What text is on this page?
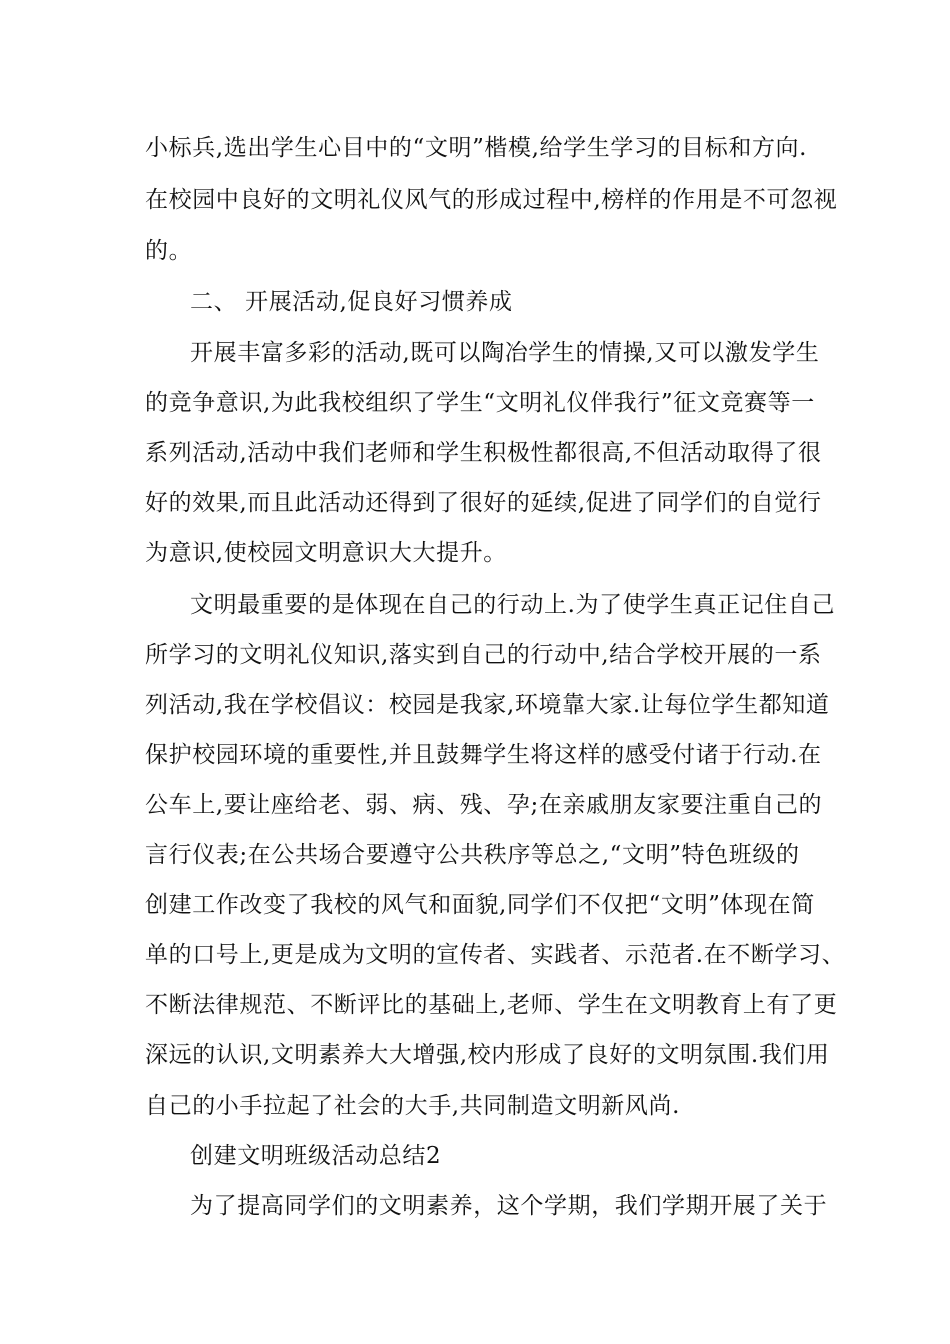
小标兵,选出学生心目中的“文明”楷模,给学生学习的目标和方向.
在校园中良好的文明礼仪风气的形成过程中,榜样的作用是不可忽视
的。
二、 开展活动,促良好习惯养成
开展丰富多彩的活动,既可以陶冶学生的情操,又可以激发学生
的竞争意识,为此我校组织了学生“文明礼仪伴我行”征文竞赛等一
系列活动,活动中我们老师和学生积极性都很高,不但活动取得了很
好的效果,而且此活动还得到了很好的延续,促进了同学们的自觉行
为意识,使校园文明意识大大提升。
文明最重要的是体现在自己的行动上.为了使学生真正记住自己
所学习的文明礼仪知识,落实到自己的行动中,结合学校开展的一系
列活动,我在学校倡议：校园是我家,环境靠大家.让每位学生都知道
保护校园环境的重要性,并且鼓舞学生将这样的感受付诸于行动.在
公车上,要让座给老、弱、病、残、孕;在亲戚朋友家要注重自己的
言行仪表;在公共场合要遵守公共秩序等总之,“文明”特色班级的
创建工作改变了我校的风气和面貌,同学们不仅把“文明”体现在简
单的口号上,更是成为文明的宣传者、实践者、示范者.在不断学习、
不断法律规范、不断评比的基础上,老师、学生在文明教育上有了更
深远的认识,文明素养大大增强,校内形成了良好的文明氛围.我们用
自己的小手拉起了社会的大手,共同制造文明新风尚.
创建文明班级活动总结2
为了提高同学们的文明素养，这个学期，我们学期开展了关于
